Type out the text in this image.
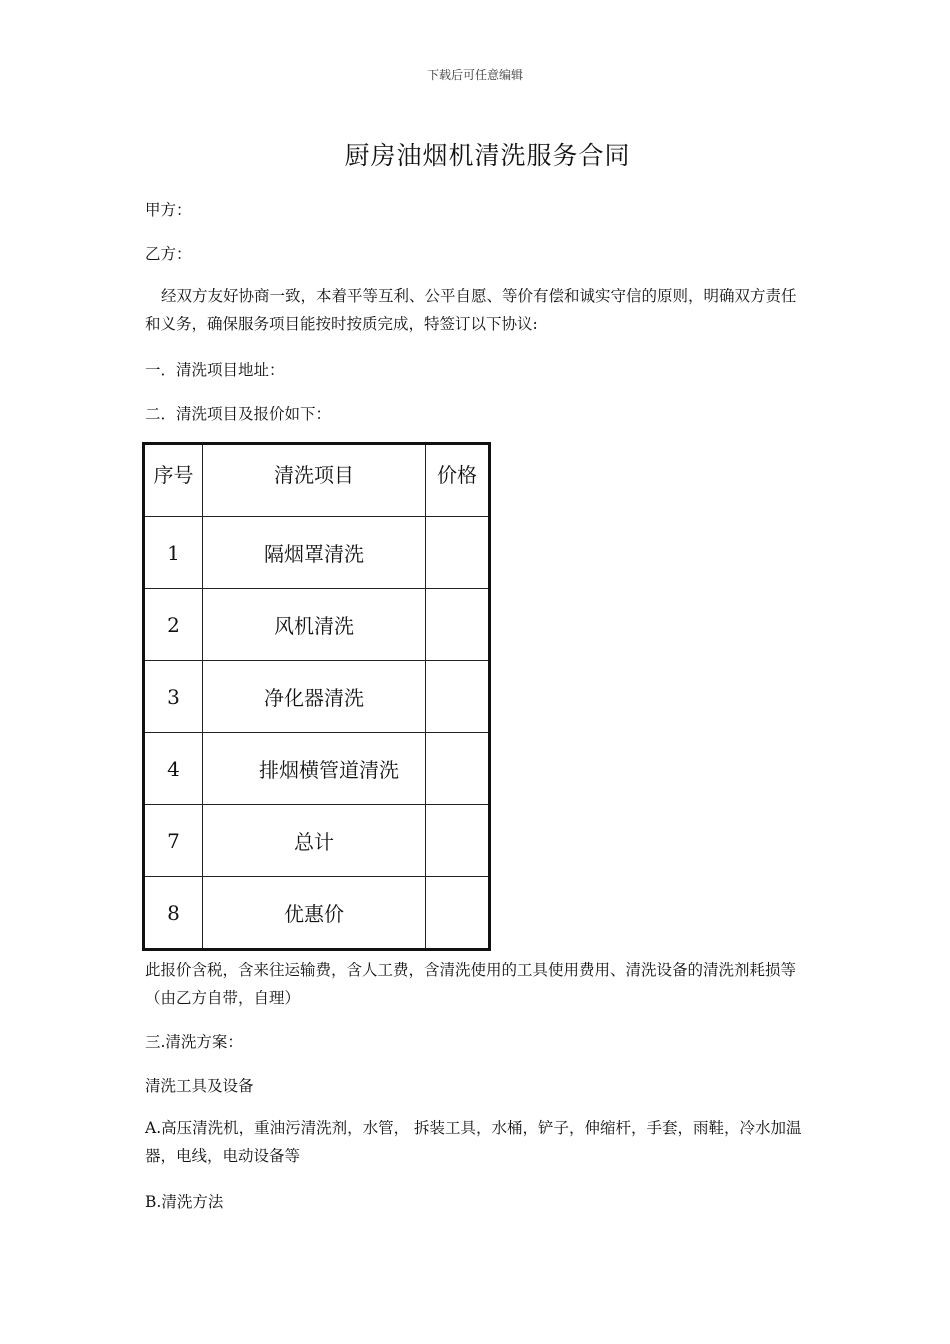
下载后可任意编辑
厨房油烟机清洗服务合同
甲方：
乙方：
经双方友好协商一致，本着平等互利、公平自愿、等价有偿和诚实守信的原则，明确双方责任和义务，确保服务项目能按时按质完成，特签订以下协议:
一．清洗项目地址：
二．清洗项目及报价如下：
序号	清洗项目	价格
1	隔烟罩清洗	
2	风机清洗	
3	净化器清洗	
4	排烟横管道清洗	
7	总计	
8	优惠价	
此报价含税，含来往运输费，含人工费，含清洗使用的工具使用费用、清洗设备的清洗剂耗损等（由乙方自带，自理）
三.清洗方案：
清洗工具及设备
A.高压清洗机，重油污清洗剂，水管， 拆装工具，水桶，铲子，伸缩杆，手套，雨鞋，冷水加温器，电线，电动设备等
B.清洗方法
